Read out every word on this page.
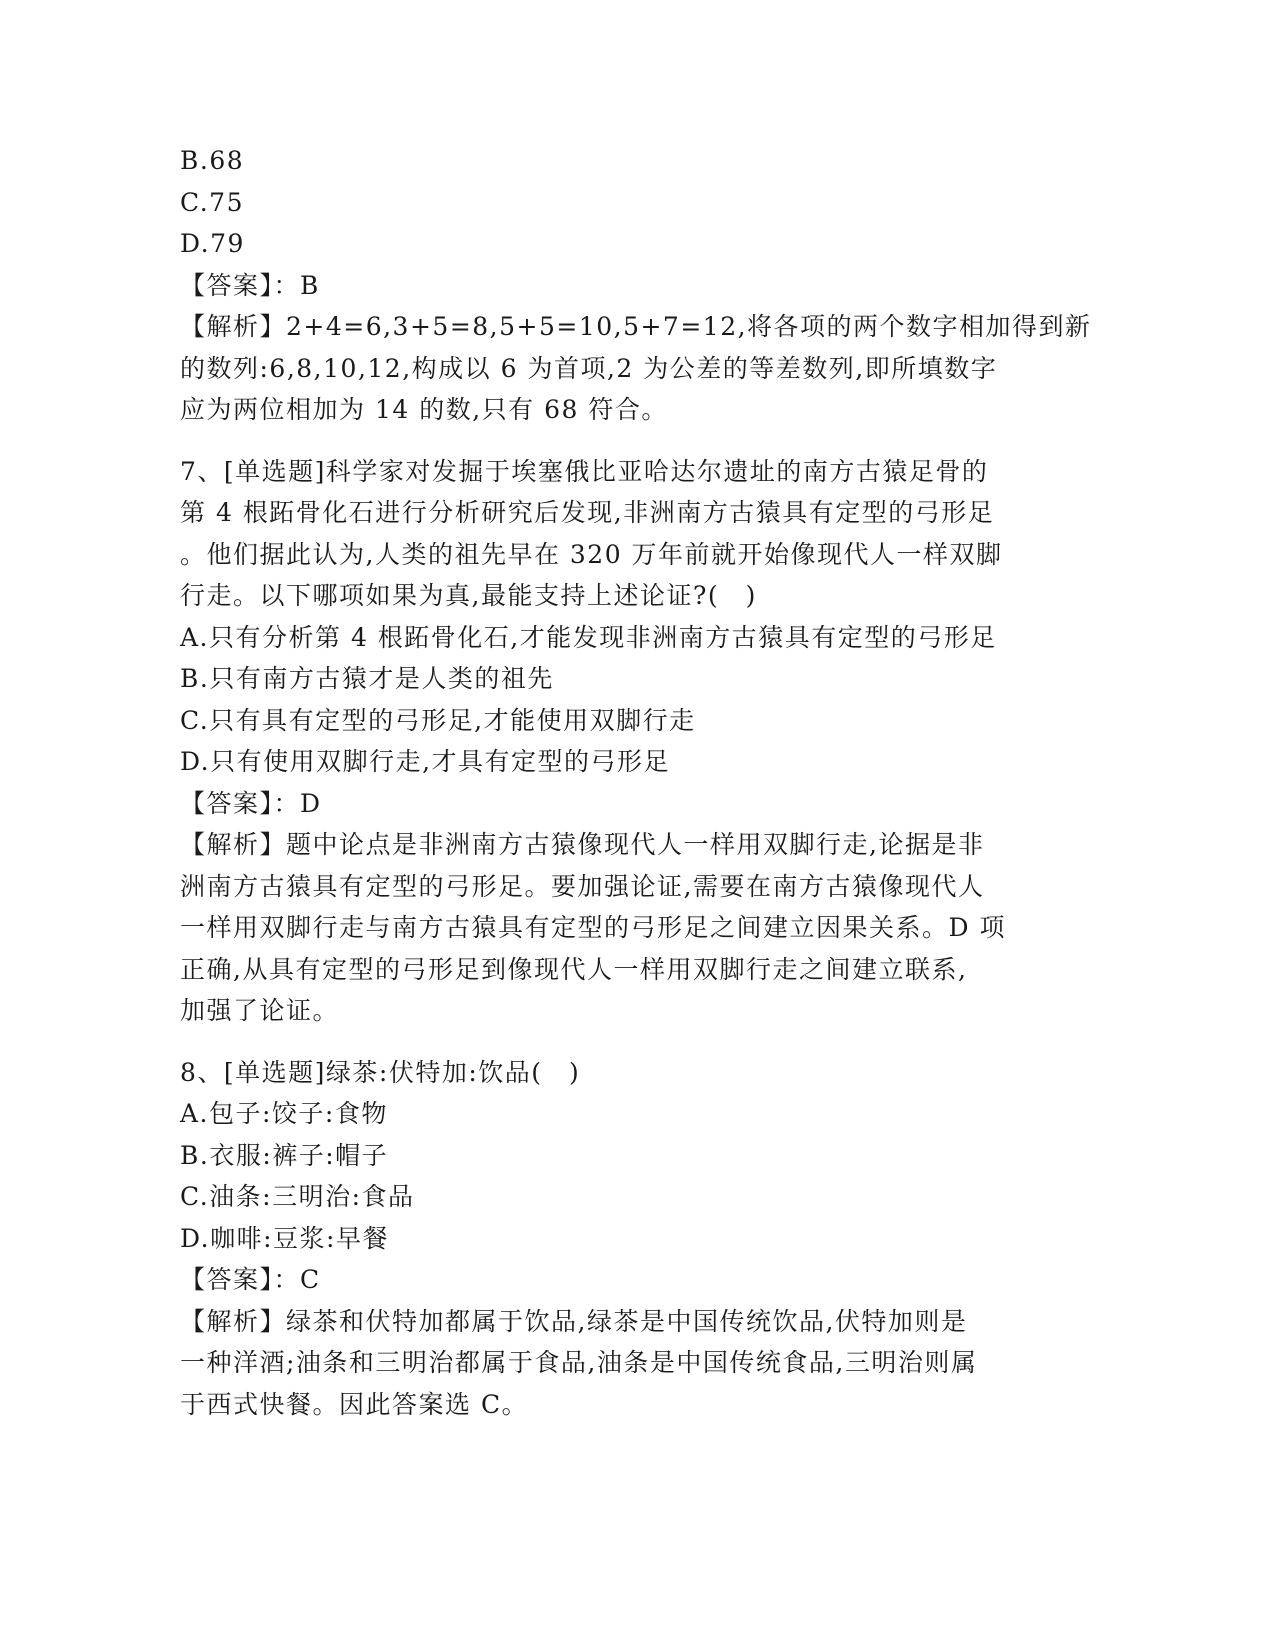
B.68
C.75
D.79
【答案】：B
【解析】2+4=6,3+5=8,5+5=10,5+7=12,将各项的两个数字相加得到新
的数列:6,8,10,12,构成以 6 为首项,2 为公差的等差数列,即所填数字
应为两位相加为 14 的数,只有 68 符合。
7、[单选题]科学家对发掘于埃塞俄比亚哈达尔遗址的南方古猿足骨的
第 4 根跖骨化石进行分析研究后发现,非洲南方古猿具有定型的弓形足
。他们据此认为,人类的祖先早在 320 万年前就开始像现代人一样双脚
行走。以下哪项如果为真,最能支持上述论证?(　)
A.只有分析第 4 根跖骨化石,才能发现非洲南方古猿具有定型的弓形足
B.只有南方古猿才是人类的祖先
C.只有具有定型的弓形足,才能使用双脚行走
D.只有使用双脚行走,才具有定型的弓形足
【答案】：D
【解析】题中论点是非洲南方古猿像现代人一样用双脚行走,论据是非
洲南方古猿具有定型的弓形足。要加强论证,需要在南方古猿像现代人
一样用双脚行走与南方古猿具有定型的弓形足之间建立因果关系。D 项
正确,从具有定型的弓形足到像现代人一样用双脚行走之间建立联系,
加强了论证。
8、[单选题]绿茶:伏特加:饮品(　)
A.包子:饺子:食物
B.衣服:裤子:帽子
C.油条:三明治:食品
D.咖啡:豆浆:早餐
【答案】：C
【解析】绿茶和伏特加都属于饮品,绿茶是中国传统饮品,伏特加则是
一种洋酒;油条和三明治都属于食品,油条是中国传统食品,三明治则属
于西式快餐。因此答案选 C。
